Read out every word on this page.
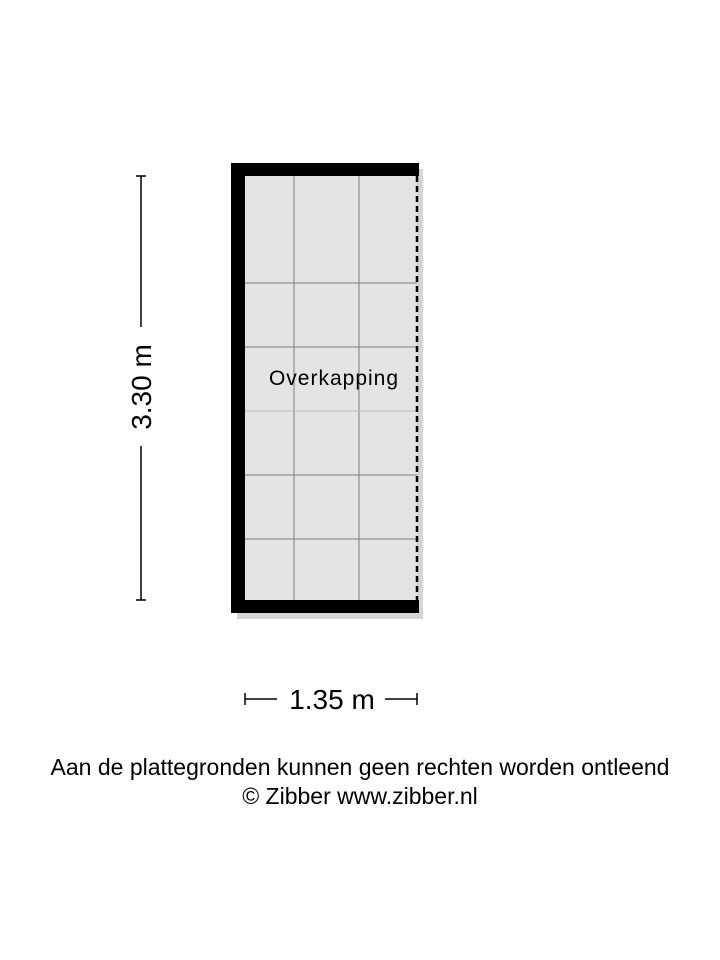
Overkapping
3.30 m
1.35 m
Aan de plattegronden kunnen geen rechten worden ontleend
© Zibber www.zibber.nl
